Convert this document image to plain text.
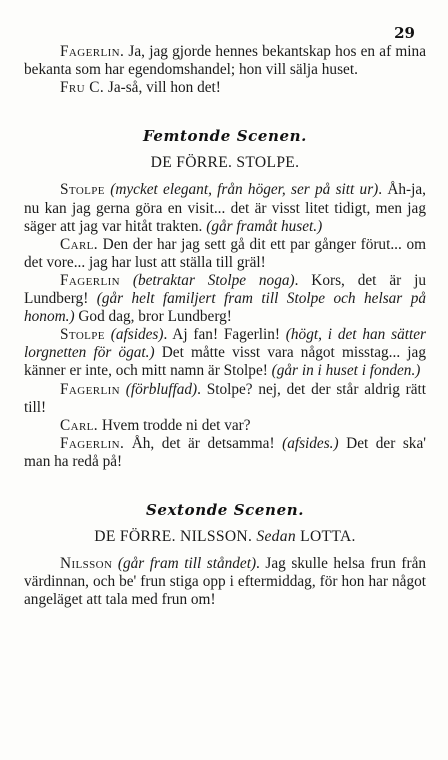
29

Fagerlin. Ja, jag gjorde hennes bekantskap hos en af mina bekanta som har egendomshandel; hon vill sälja huset.

Fru C. Ja-så, vill hon det!

Femtonde Scenen.

DE FÖRRE. STOLPE.

Stolpe (mycket elegant, från höger, ser på sitt ur). Åh-ja, nu kan jag gerna göra en visit... det är visst litet tidigt, men jag säger att jag var hitåt trakten. (går framåt huset.)

Carl. Den der har jag sett gå dit ett par gånger förut... om det vore... jag har lust att ställa till gräl!

Fagerlin (betraktar Stolpe noga). Kors, det är ju Lundberg! (går helt familjert fram till Stolpe och helsar på honom.) God dag, bror Lundberg!

Stolpe (afsides). Aj fan! Fagerlin! (högt, i det han sätter lorgnetten för ögat.) Det måtte visst vara något misstag... jag känner er inte, och mitt namn är Stolpe! (går in i huset i fonden.)

Fagerlin (förbluffad). Stolpe? nej, det der står aldrig rätt till!

Carl. Hvem trodde ni det var?

Fagerlin. Åh, det är detsamma! (afsides.) Det der ska' man ha redå på!

Sextonde Scenen.

DE FÖRRE. NILSSON. Sedan LOTTA.

Nilsson (går fram till ståndet). Jag skulle helsa frun från värdinnan, och be' frun stiga opp i eftermiddag, för hon har något angeläget att tala med frun om!
